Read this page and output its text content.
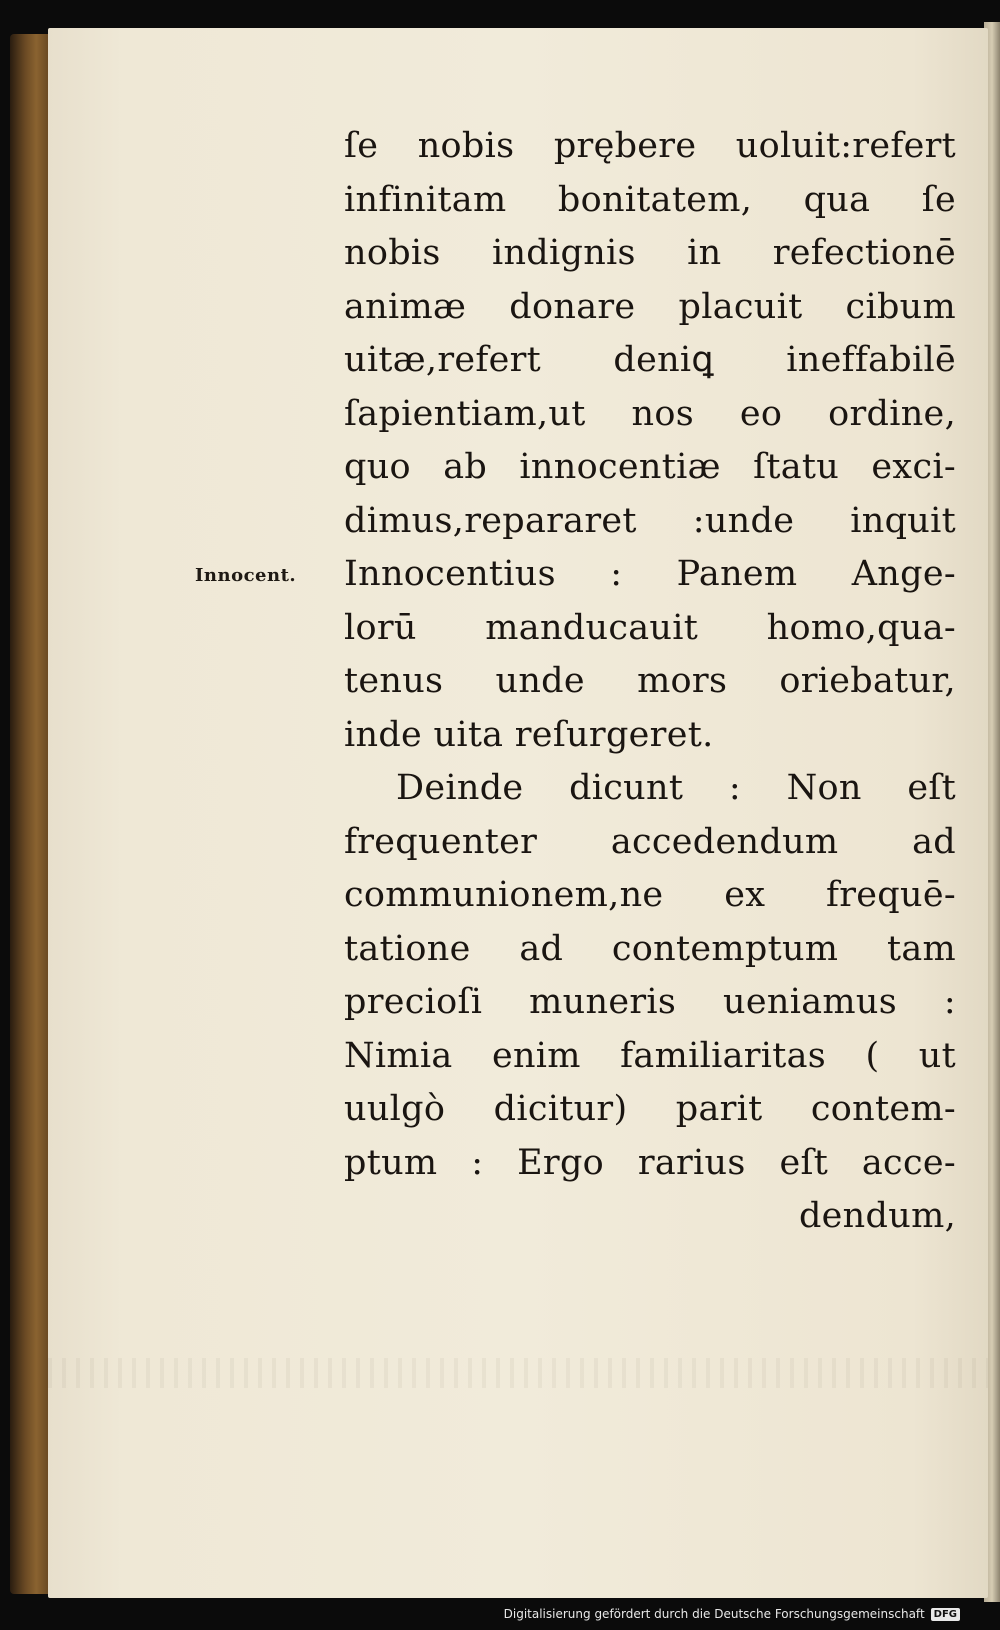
Innocent.
ſe nobis prębere uoluit:refert
infinitam bonitatem, qua ſe
nobis indignis in refectionē
animæ donare placuit cibum
uitæ,refert deniꝗ ineffabilē
ſapientiam,ut nos eo ordine,
quo ab innocentiæ ſtatu exci-
dimus,repararet :unde inquit
Innocentius : Panem Ange-
lorū manducauit homo,qua-
tenus unde mors oriebatur,
inde uita reſurgeret.
Deinde dicunt : Non eſt
frequenter accedendum ad
communionem,ne ex frequē-
tatione ad contemptum tam
precioſi muneris ueniamus :
Nimia enim familiaritas ( ut
uulgò dicitur) parit contem-
ptum : Ergo rarius eſt acce-
dendum,
Digitalisierung gefördert durch die Deutsche Forschungsgemeinschaft DFG
